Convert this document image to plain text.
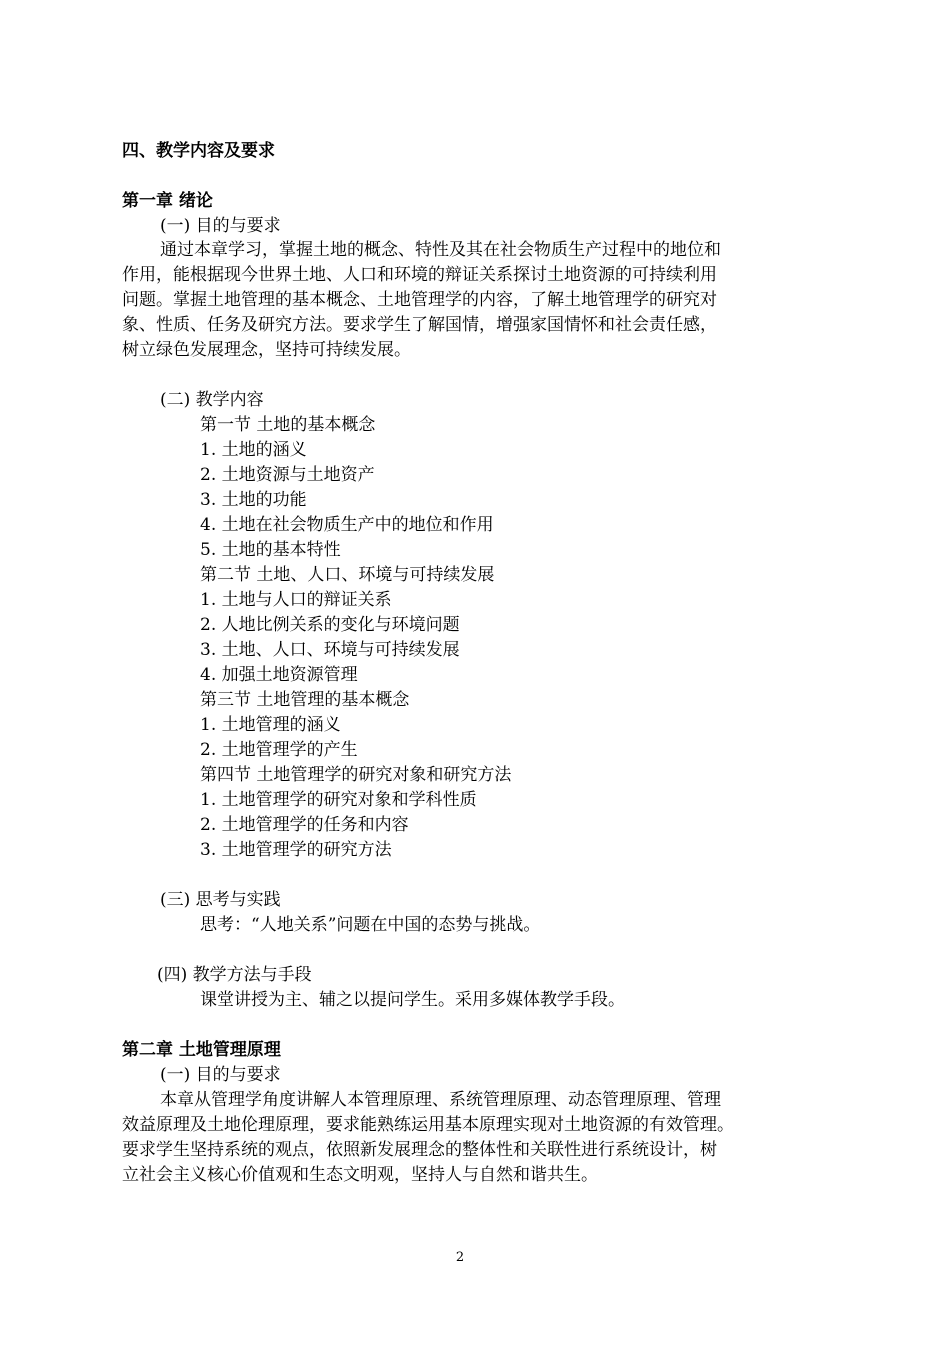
四、教学内容及要求
第一章 绪论
(一) 目的与要求
通过本章学习，掌握土地的概念、特性及其在社会物质生产过程中的地位和
作用，能根据现今世界土地、人口和环境的辩证关系探讨土地资源的可持续利用
问题。掌握土地管理的基本概念、土地管理学的内容，了解土地管理学的研究对
象、性质、任务及研究方法。要求学生了解国情，增强家国情怀和社会责任感，
树立绿色发展理念，坚持可持续发展。
(二) 教学内容
第一节 土地的基本概念
1. 土地的涵义
2. 土地资源与土地资产
3. 土地的功能
4. 土地在社会物质生产中的地位和作用
5. 土地的基本特性
第二节 土地、人口、环境与可持续发展
1. 土地与人口的辩证关系
2. 人地比例关系的变化与环境问题
3. 土地、人口、环境与可持续发展
4. 加强土地资源管理
第三节 土地管理的基本概念
1. 土地管理的涵义
2. 土地管理学的产生
第四节 土地管理学的研究对象和研究方法
1. 土地管理学的研究对象和学科性质
2. 土地管理学的任务和内容
3. 土地管理学的研究方法
(三) 思考与实践
思考：“人地关系”问题在中国的态势与挑战。
(四) 教学方法与手段
课堂讲授为主、辅之以提问学生。采用多媒体教学手段。
第二章 土地管理原理
(一) 目的与要求
本章从管理学角度讲解人本管理原理、系统管理原理、动态管理原理、管理
效益原理及土地伦理原理，要求能熟练运用基本原理实现对土地资源的有效管理。
要求学生坚持系统的观点，依照新发展理念的整体性和关联性进行系统设计，树
立社会主义核心价值观和生态文明观，坚持人与自然和谐共生。
2
